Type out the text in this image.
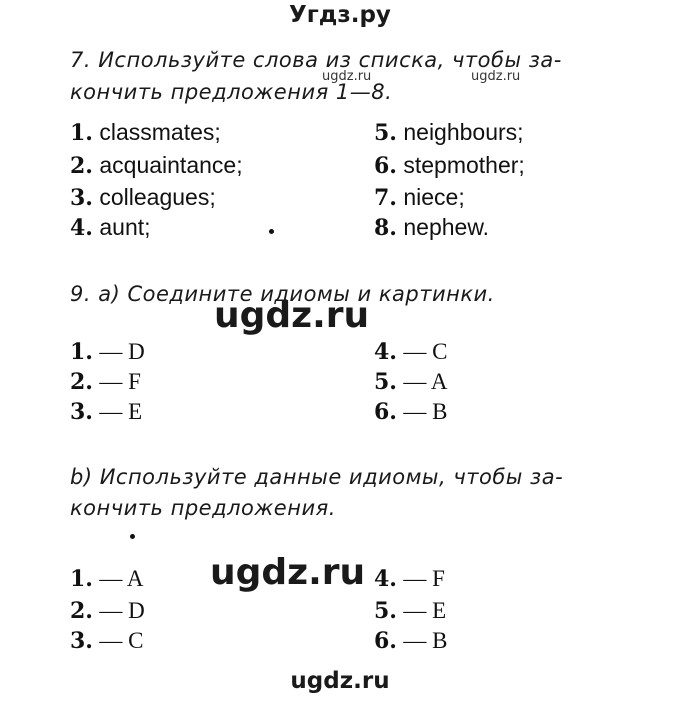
Угдз.ру
7. Используйте слова из списка, чтобы за-
ugdz.ru	ugdz.ru
кончить предложения 1—8.
1. classmates;
2. acquaintance;
3. colleagues;
4. aunt;
5. neighbours;
6. stepmother;
7. niece;
8. nephew.
9. a) Соедините идиомы и картинки.
ugdz.ru
1. — D
2. — F
3. — E
4. — C
5. — A
6. — B
b) Используйте данные идиомы, чтобы за-
кончить предложения.
ugdz.ru
1. — A
2. — D
3. — C
4. — F
5. — E
6. — B
ugdz.ru
